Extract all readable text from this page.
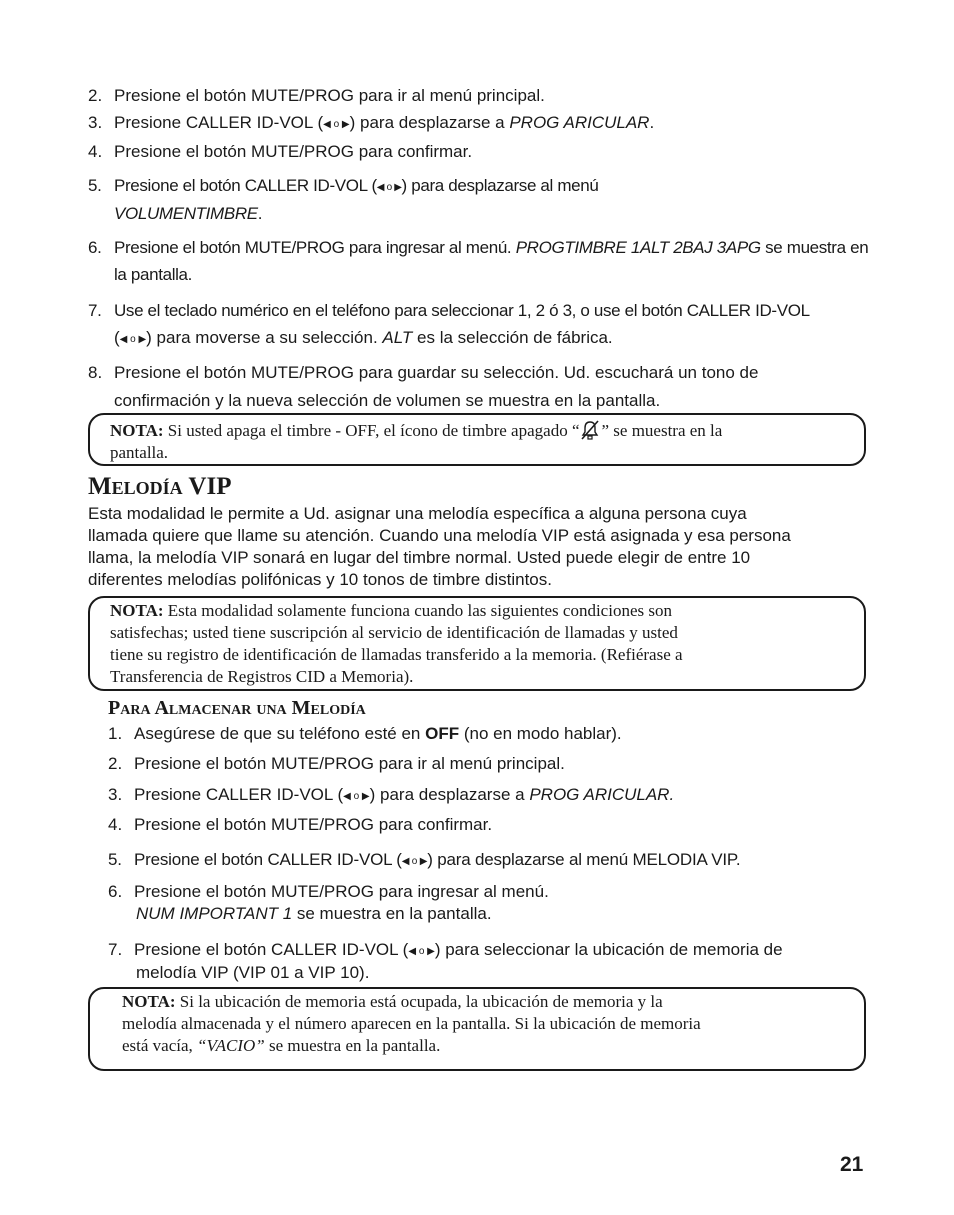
2. Presione el botón MUTE/PROG para ir al menú principal.
3. Presione CALLER ID-VOL (◀ o ▶) para desplazarse a PROG ARICULAR.
4. Presione el botón MUTE/PROG para confirmar.
5. Presione el botón CALLER ID-VOL (◀ o ▶) para desplazarse al menú
VOLUMENTIMBRE.
6. Presione el botón MUTE/PROG para ingresar al menú. PROGTIMBRE 1ALT 2BAJ 3APG se muestra en
la pantalla.
7. Use el teclado numérico en el teléfono para seleccionar 1, 2 ó 3, o use el botón CALLER ID-VOL
(◀ o ▶) para moverse a su selección. ALT es la selección de fábrica.
8. Presione el botón MUTE/PROG para guardar su selección. Ud. escuchará un tono de
confirmación y la nueva selección de volumen se muestra en la pantalla.
NOTA: Si usted apaga el timbre - OFF, el ícono de timbre apagado “ ” se muestra en la
pantalla.
Melodía VIP
Esta modalidad le permite a Ud. asignar una melodía específica a alguna persona cuya
llamada quiere que llame su atención. Cuando una melodía VIP está asignada y esa persona
llama, la melodía VIP sonará en lugar del timbre normal. Usted puede elegir de entre 10
diferentes melodías polifónicas y 10 tonos de timbre distintos.
NOTA: Esta modalidad solamente funciona cuando las siguientes condiciones son
satisfechas; usted tiene suscripción al servicio de identificación de llamadas y usted
tiene su registro de identificación de llamadas transferido a la memoria. (Refiérase a
Transferencia de Registros CID a Memoria).
Para Almacenar una Melodía
1. Asegúrese de que su teléfono esté en OFF (no en modo hablar).
2. Presione el botón MUTE/PROG para ir al menú principal.
3. Presione CALLER ID-VOL (◀ o ▶) para desplazarse a PROG ARICULAR.
4. Presione el botón MUTE/PROG para confirmar.
5. Presione el botón CALLER ID-VOL (◀ o ▶) para desplazarse al menú MELODIA VIP.
6. Presione el botón MUTE/PROG para ingresar al menú.
NUM IMPORTANT 1 se muestra en la pantalla.
7. Presione el botón CALLER ID-VOL (◀ o ▶) para seleccionar la ubicación de memoria de
melodía VIP (VIP 01 a VIP 10).
NOTA: Si la ubicación de memoria está ocupada, la ubicación de memoria y la
melodía almacenada y el número aparecen en la pantalla. Si la ubicación de memoria
está vacía, “VACIO” se muestra en la pantalla.
21
